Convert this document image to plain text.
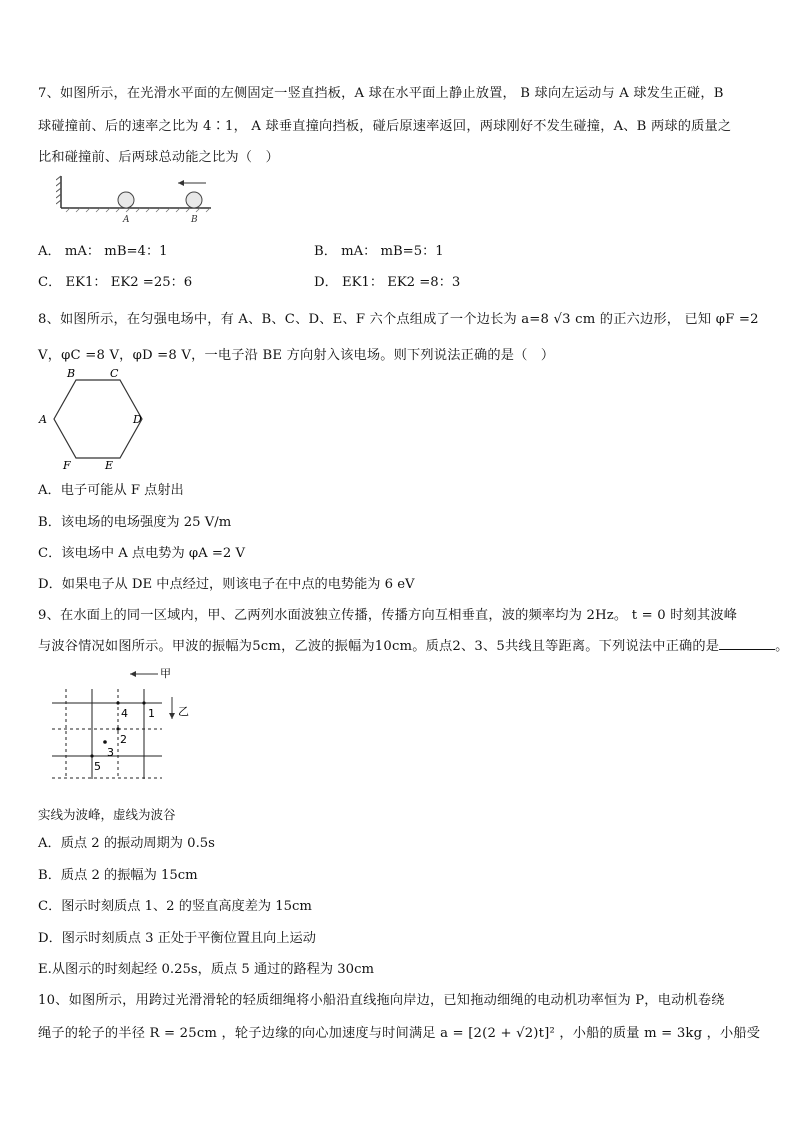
7、如图所示，在光滑水平面的左侧固定一竖直挡板，A 球在水平面上静止放置， B 球向左运动与 A 球发生正碰，B
球碰撞前、后的速率之比为 4∶1， A 球垂直撞向挡板，碰后原速率返回，两球刚好不发生碰撞，A、B 两球的质量之
比和碰撞前、后两球总动能之比为（　）
A	B
A． mA： mB=4：1	B． mA： mB=5：1
C． EK1： EK2 =25：6	D． EK1： EK2 =8：3
8、如图所示，在匀强电场中，有 A、B、C、D、E、F 六个点组成了一个边长为 a=8 √3 cm 的正六边形， 已知 φF =2
V，φC =8 V，φD =8 V，一电子沿 BE 方向射入该电场。则下列说法正确的是（　）
B	C
A	D
F	E
A．电子可能从 F 点射出
B．该电场的电场强度为 25 V/m
C．该电场中 A 点电势为 φA =2 V
D．如果电子从 DE 中点经过，则该电子在中点的电势能为 6 eV
9、在水面上的同一区域内，甲、乙两列水面波独立传播，传播方向互相垂直，波的频率均为 2Hz。 t = 0 时刻其波峰
与波谷情况如图所示。甲波的振幅为5cm，乙波的振幅为10cm。质点2、3、5共线且等距离。下列说法中正确的是	。
甲
乙
1
2
3
4
5
实线为波峰，虚线为波谷
A．质点 2 的振动周期为 0.5s
B．质点 2 的振幅为 15cm
C．图示时刻质点 1、2 的竖直高度差为 15cm
D．图示时刻质点 3 正处于平衡位置且向上运动
E.从图示的时刻起经 0.25s，质点 5 通过的路程为 30cm
10、如图所示，用跨过光滑滑轮的轻质细绳将小船沿直线拖向岸边，已知拖动细绳的电动机功率恒为 P，电动机卷绕
绳子的轮子的半径 R = 25cm ，轮子边缘的向心加速度与时间满足 a = [2(2 + √2)t]² ，小船的质量 m = 3kg ，小船受
